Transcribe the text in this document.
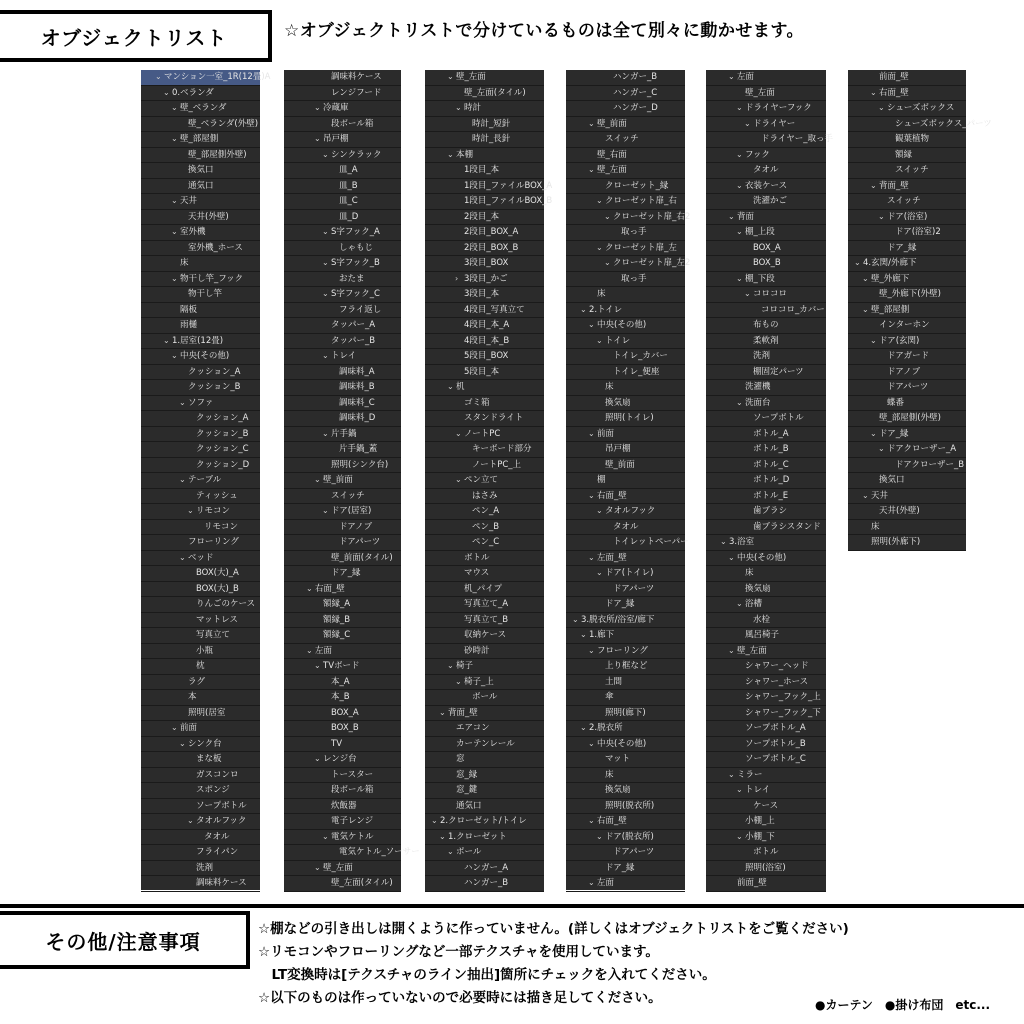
オブジェクトリスト	☆オブジェクトリストで分けているものは全て別々に動かせます。
⌄ マンション一室_1R(12畳)A
⌄ 0.ベランダ
⌄ 壁_ベランダ
壁_ベランダ(外壁)
⌄ 壁_部屋側
壁_部屋側外壁)
換気口
通気口
⌄ 天井
天井(外壁)
⌄ 室外機
室外機_ホース
床
⌄ 物干し竿_フック
物干し竿
隔板
雨樋
⌄ 1.居室(12畳)
⌄ 中央(その他)
クッション_A
クッション_B
⌄ ソファ
クッション_A
クッション_B
クッション_C
クッション_D
⌄ テーブル
ティッシュ
⌄ リモコン
リモコン
フローリング
⌄ ベッド
BOX(大)_A
BOX(大)_B
りんごのケース
マットレス
写真立て
小瓶
枕
ラグ
本
照明(居室
⌄ 前面
⌄ シンク台
まな板
ガスコンロ
スポンジ
ソープボトル
⌄ タオルフック
タオル
フライパン
洗剤
調味料ケース
調味料ケース
レンジフード
⌄ 冷蔵庫
段ボール箱
⌄ 吊戸棚
⌄ シンクラック
皿_A
皿_B
皿_C
皿_D
⌄ S字フック_A
しゃもじ
⌄ S字フック_B
おたま
⌄ S字フック_C
フライ返し
タッパー_A
タッパー_B
⌄ トレイ
調味料_A
調味料_B
調味料_C
調味料_D
⌄ 片手鍋
片手鍋_蓋
照明(シンク台)
⌄ 壁_前面
スイッチ
⌄ ドア(居室)
ドアノブ
ドアパーツ
壁_前面(タイル)
ドア_縁
⌄ 右面_壁
額縁_A
額縁_B
額縁_C
⌄ 左面
⌄ TVボード
本_A
本_B
BOX_A
BOX_B
TV
⌄ レンジ台
トースター
段ボール箱
炊飯器
電子レンジ
⌄ 電気ケトル
電気ケトル_ソーサー
⌄ 壁_左面
壁_左面(タイル)
⌄ 壁_左面
壁_左面(タイル)
⌄ 時計
時計_短針
時計_長針
⌄ 本棚
1段目_本
1段目_ファイルBOX_A
1段目_ファイルBOX_B
2段目_本
2段目_BOX_A
2段目_BOX_B
3段目_BOX
› 3段目_かご
3段目_本
4段目_写真立て
4段目_本_A
4段目_本_B
5段目_BOX
5段目_本
⌄ 机
ゴミ箱
スタンドライト
⌄ ノートPC
キーボード部分
ノートPC_上
⌄ ペン立て
はさみ
ペン_A
ペン_B
ペン_C
ボトル
マウス
机_パイプ
写真立て_A
写真立て_B
収納ケース
砂時計
⌄ 椅子
⌄ 椅子_上
ボール
⌄ 背面_壁
エアコン
カーテンレール
窓
窓_縁
窓_鍵
通気口
⌄ 2.クローゼット/トイレ
⌄ 1.クローゼット
⌄ ポール
ハンガー_A
ハンガー_B
ハンガー_B
ハンガー_C
ハンガー_D
⌄ 壁_前面
スイッチ
壁_右面
⌄ 壁_左面
クローゼット_縁
⌄ クローゼット扉_右
⌄ クローゼット扉_右2
取っ手
⌄ クローゼット扉_左
⌄ クローゼット扉_左2
取っ手
床
⌄ 2.トイレ
⌄ 中央(その他)
⌄ トイレ
トイレ_カバー
トイレ_便座
床
換気扇
照明(トイレ)
⌄ 前面
吊戸棚
壁_前面
棚
⌄ 右面_壁
⌄ タオルフック
タオル
トイレットペーパー
⌄ 左面_壁
⌄ ドア(トイレ)
ドアパーツ
ドア_縁
⌄ 3.脱衣所/浴室/廊下
⌄ 1.廊下
⌄ フローリング
上り框など
土間
傘
照明(廊下)
⌄ 2.脱衣所
⌄ 中央(その他)
マット
床
換気扇
照明(脱衣所)
⌄ 右面_壁
⌄ ドア(脱衣所)
ドアパーツ
ドア_縁
⌄ 左面
⌄ 左面
壁_左面
⌄ ドライヤーフック
⌄ ドライヤー
ドライヤー_取っ手
⌄ フック
タオル
⌄ 衣装ケース
洗濯かご
⌄ 背面
⌄ 棚_上段
BOX_A
BOX_B
⌄ 棚_下段
⌄ コロコロ
コロコロ_カバー
布もの
柔軟剤
洗剤
棚固定パーツ
洗濯機
⌄ 洗面台
ソープボトル
ボトル_A
ボトル_B
ボトル_C
ボトル_D
ボトル_E
歯ブラシ
歯ブラシスタンド
⌄ 3.浴室
⌄ 中央(その他)
床
換気扇
⌄ 浴槽
水栓
風呂椅子
⌄ 壁_左面
シャワー_ヘッド
シャワー_ホース
シャワー_フック_上
シャワー_フック_下
ソープボトル_A
ソープボトル_B
ソープボトル_C
⌄ ミラー
⌄ トレイ
ケース
小棚_上
⌄ 小棚_下
ボトル
照明(浴室)
前面_壁
前面_壁
⌄ 右面_壁
⌄ シューズボックス
シューズボックス_パーツ
観葉植物
額縁
スイッチ
⌄ 背面_壁
スイッチ
⌄ ドア(浴室)
ドア(浴室)2
ドア_縁
⌄ 4.玄関/外廊下
⌄ 壁_外廊下
壁_外廊下(外壁)
⌄ 壁_部屋側
インターホン
⌄ ドア(玄関)
ドアガード
ドアノブ
ドアパーツ
蝶番
壁_部屋側(外壁)
⌄ ドア_縁
⌄ ドアクローザー_A
ドアクローザー_B
換気口
⌄ 天井
天井(外壁)
床
照明(外廊下)
その他/注意事項
☆棚などの引き出しは開くように作っていません。(詳しくはオブジェクトリストをご覧ください)
☆リモコンやフローリングなど一部テクスチャを使用しています。
　LT変換時は[テクスチャのライン抽出]箇所にチェックを入れてください。
☆以下のものは作っていないので必要時には描き足してください。	●カーテン　●掛け布団　etc...
